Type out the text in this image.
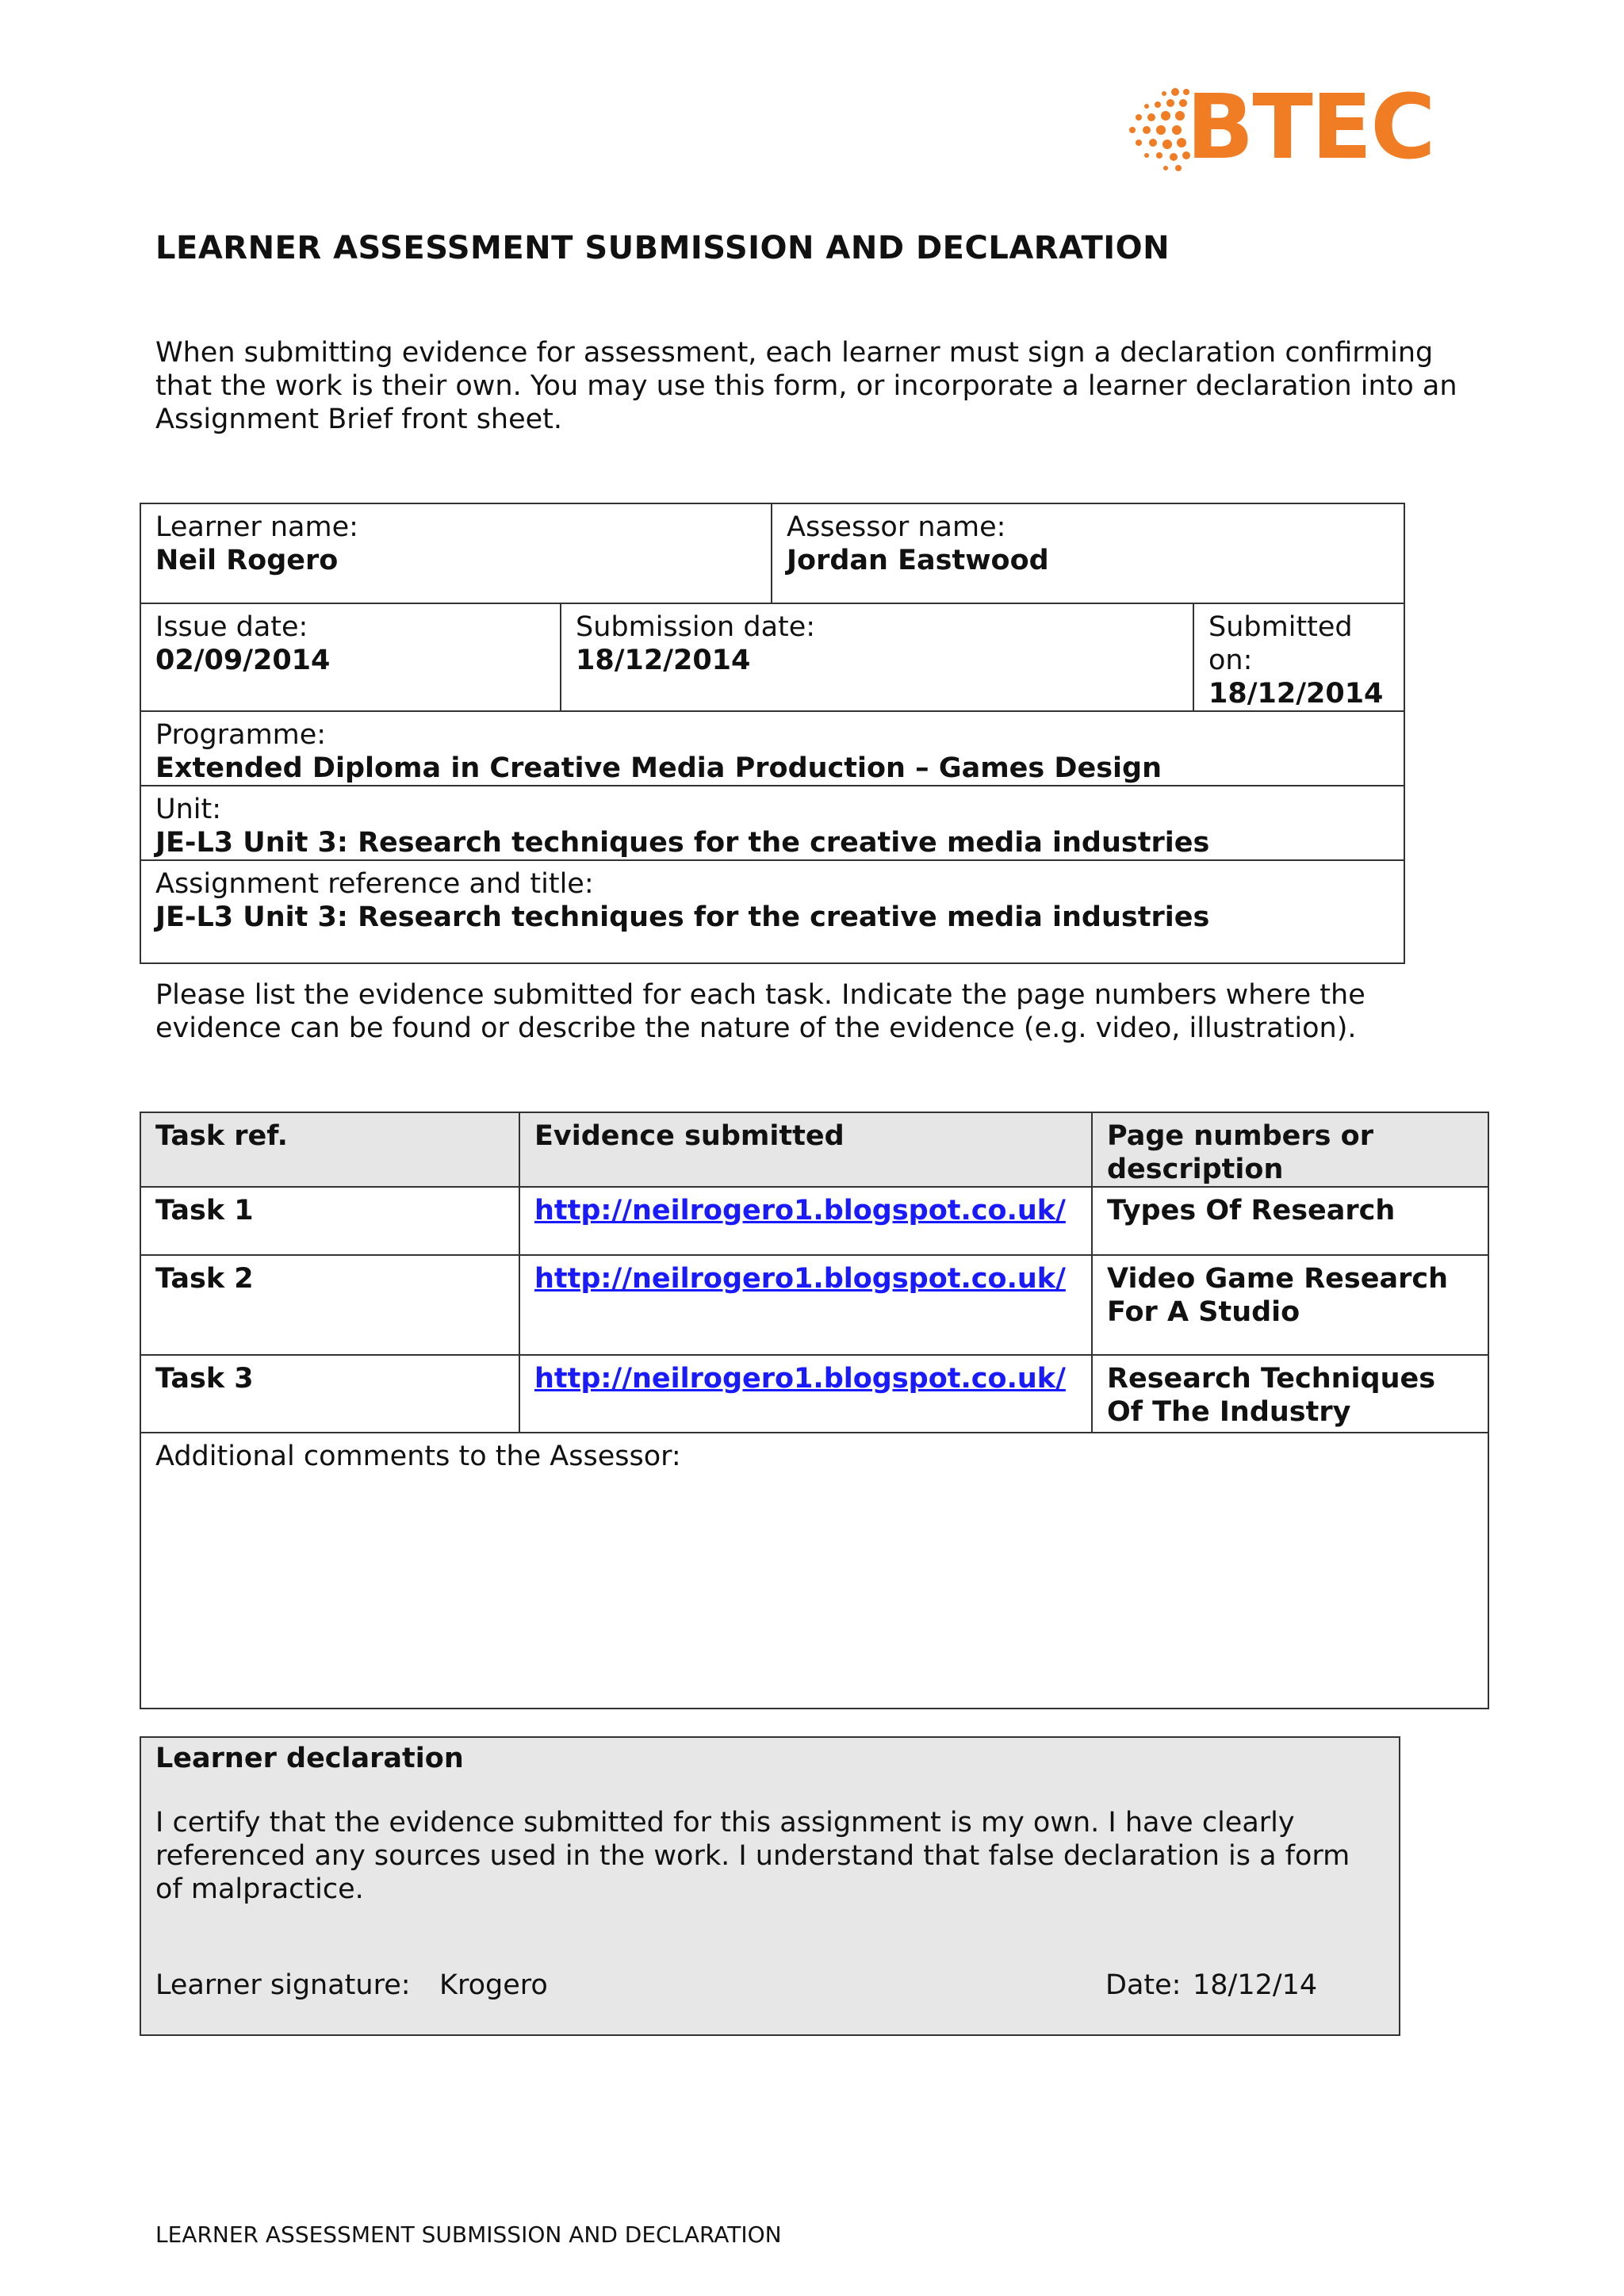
BTEC
LEARNER ASSESSMENT SUBMISSION AND DECLARATION
When submitting evidence for assessment, each learner must sign a declaration confirming that the work is their own. You may use this form, or incorporate a learner declaration into an Assignment Brief front sheet.
Learner name:
Neil Rogero		Assessor name:
Jordan Eastwood	

Issue date:
02/09/2014	Submission date:
18/12/2014		Submitted on:
18/12/2014

Programme:
Extended Diploma in Creative Media Production – Games Design			

Unit:
JE-L3 Unit 3: Research techniques for the creative media industries			

Assignment reference and title:
JE-L3 Unit 3: Research techniques for the creative media industries			
Please list the evidence submitted for each task. Indicate the page numbers where the evidence can be found or describe the nature of the evidence (e.g. video, illustration).
Task ref.	Evidence submitted	Page numbers or description
Task 1	http://neilrogero1.blogspot.co.uk/	Types Of Research
Task 2	http://neilrogero1.blogspot.co.uk/	Video Game Research For A Studio
Task 3	http://neilrogero1.blogspot.co.uk/	Research Techniques Of The Industry
Additional comments to the Assessor:		
Learner declaration
I certify that the evidence submitted for this assignment is my own. I have clearly referenced any sources used in the work. I understand that false declaration is a form of malpractice.
Learner signature: Krogero	Date: 18/12/14
LEARNER ASSESSMENT SUBMISSION AND DECLARATION
